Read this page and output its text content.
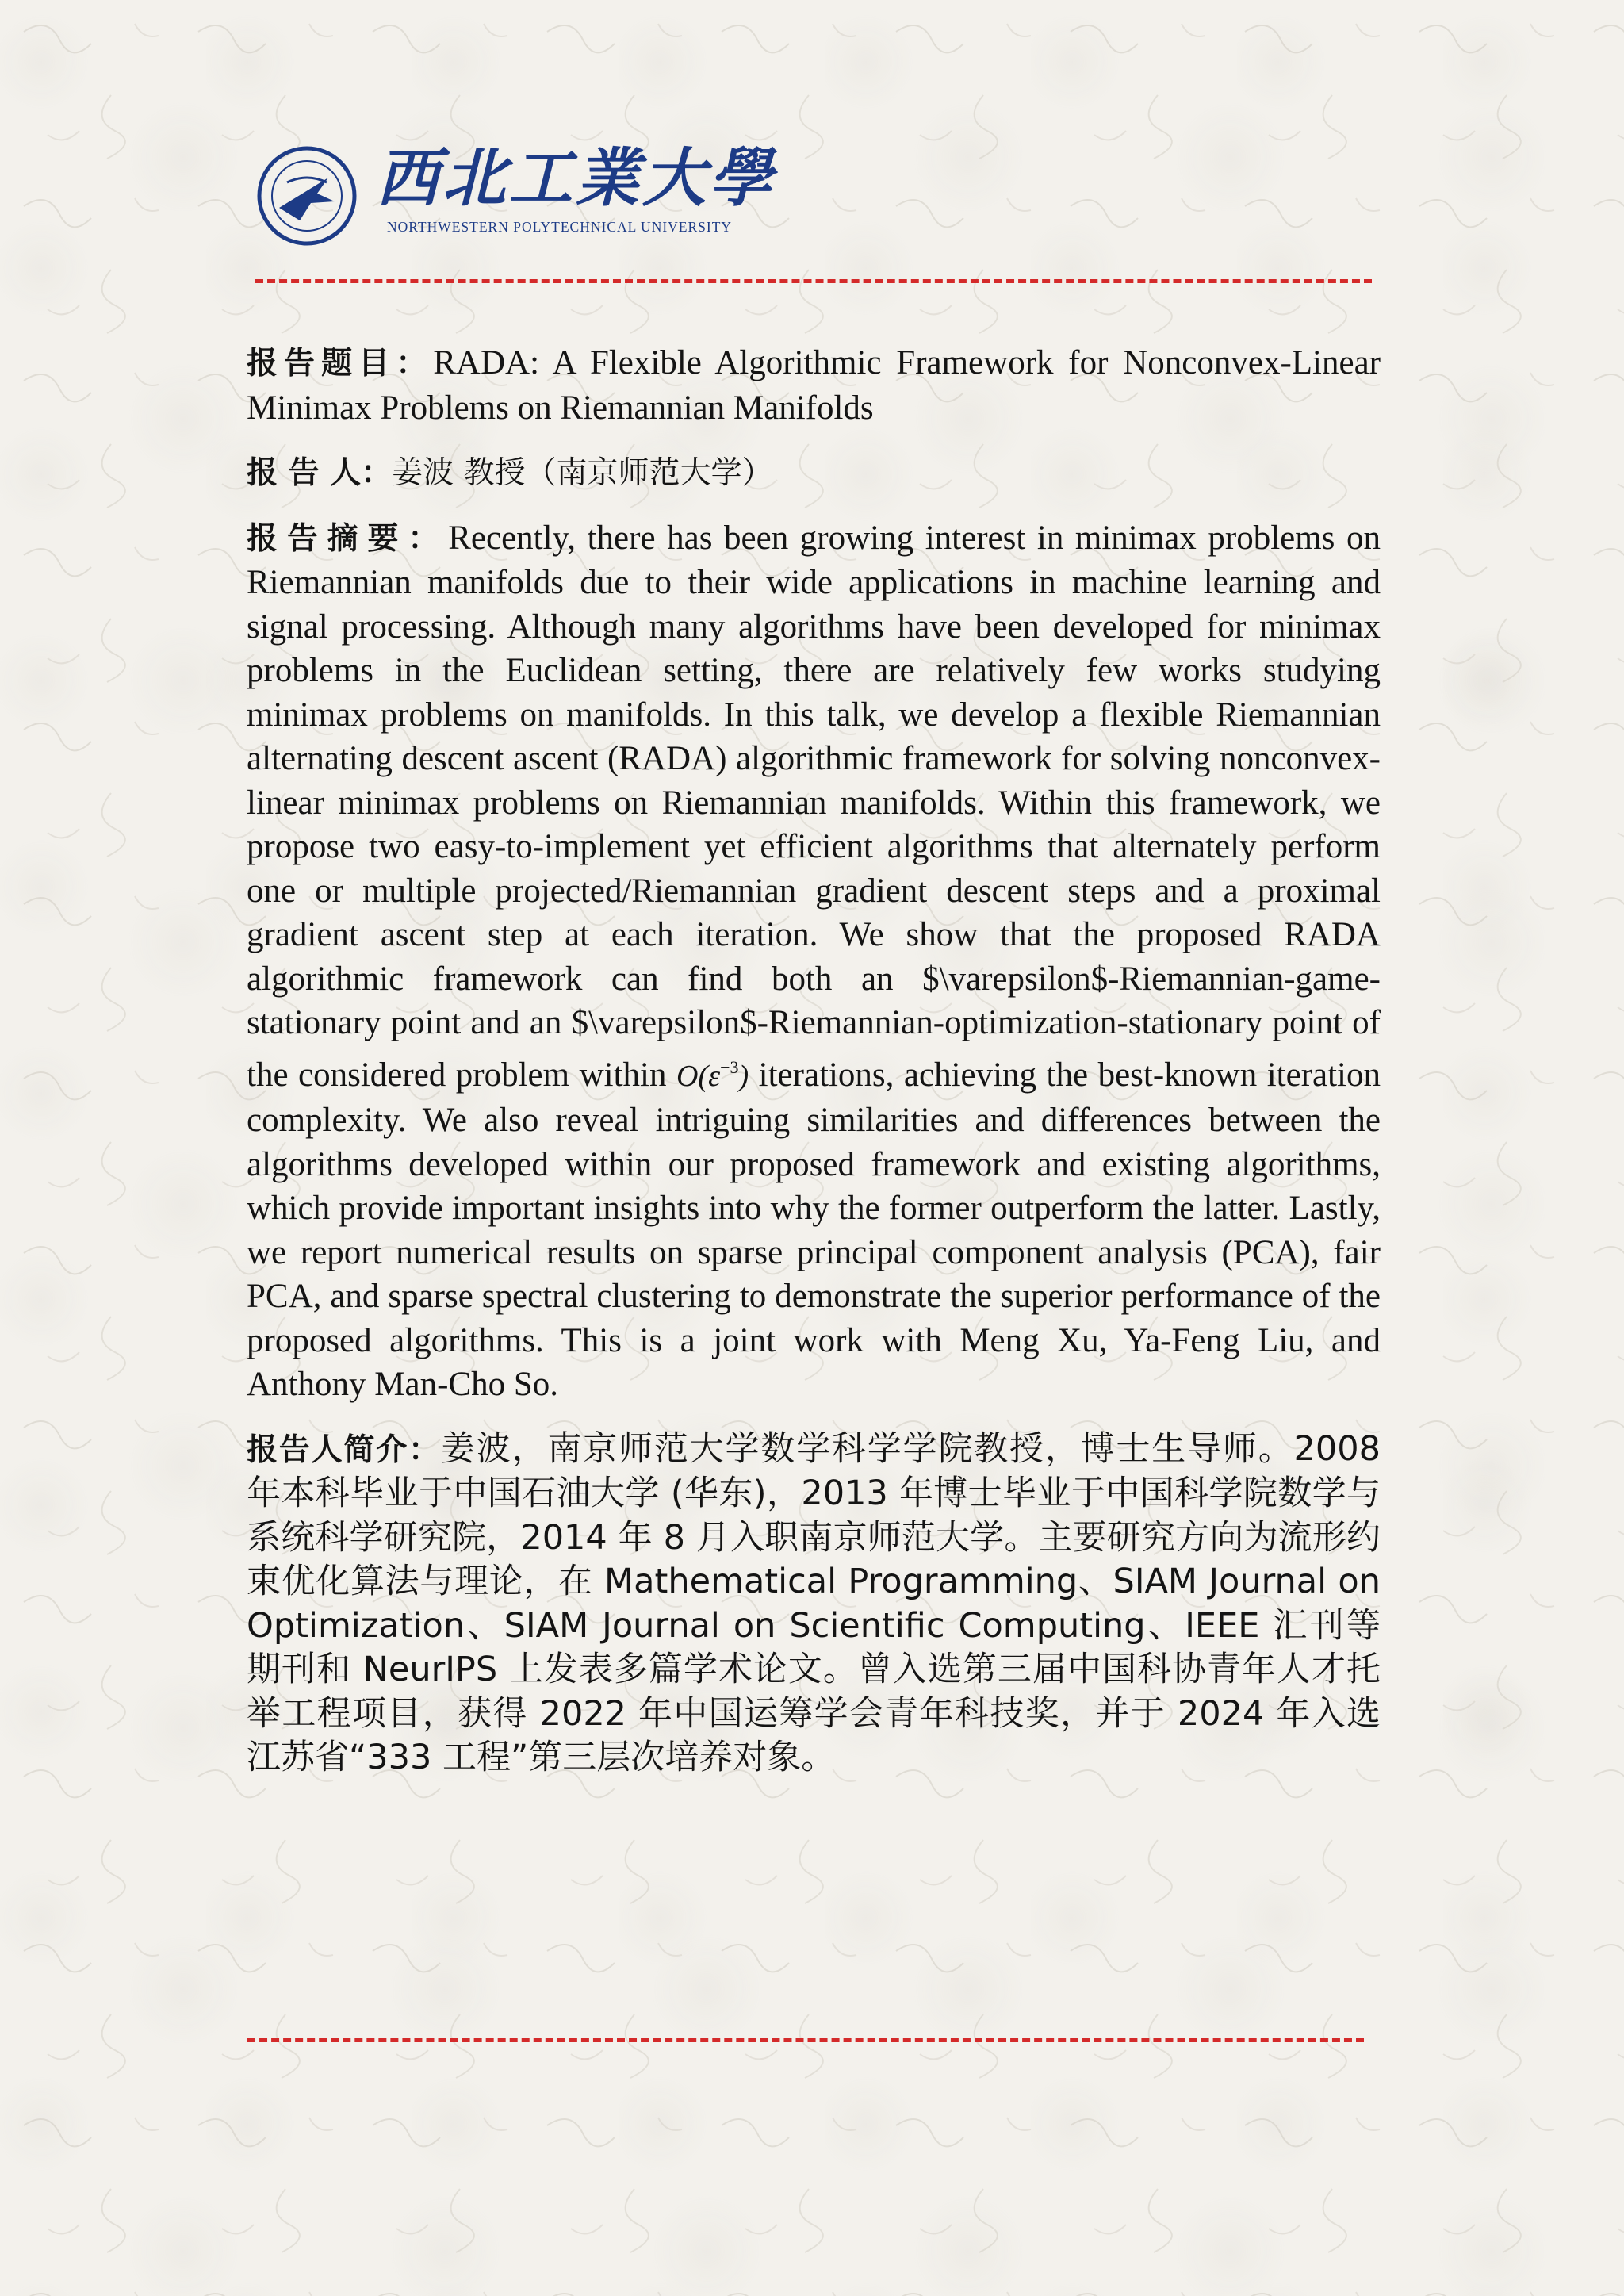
西北工業大學
NORTHWESTERN POLYTECHNICAL UNIVERSITY

报告题目：RADA: A Flexible Algorithmic Framework for Nonconvex-Linear Minimax Problems on Riemannian Manifolds

报 告 人：姜波 教授（南京师范大学）

报告摘要：Recently, there has been growing interest in minimax problems on Riemannian manifolds due to their wide applications in machine learning and signal processing. Although many algorithms have been developed for minimax problems in the Euclidean setting, there are relatively few works studying minimax problems on manifolds. In this talk, we develop a flexible Riemannian alternating descent ascent (RADA) algorithmic framework for solving nonconvex-linear minimax problems on Riemannian manifolds. Within this framework, we propose two easy-to-implement yet efficient algorithms that alternately perform one or multiple projected/Riemannian gradient descent steps and a proximal gradient ascent step at each iteration. We show that the proposed RADA algorithmic framework can find both an $\varepsilon$-Riemannian-game-stationary point and an $\varepsilon$-Riemannian-optimization-stationary point of the considered problem within $O(\varepsilon^{-3})$ iterations, achieving the best-known iteration complexity. We also reveal intriguing similarities and differences between the algorithms developed within our proposed framework and existing algorithms, which provide important insights into why the former outperform the latter. Lastly, we report numerical results on sparse principal component analysis (PCA), fair PCA, and sparse spectral clustering to demonstrate the superior performance of the proposed algorithms. This is a joint work with Meng Xu, Ya-Feng Liu, and Anthony Man-Cho So.

报告人简介：姜波，南京师范大学数学科学学院教授，博士生导师。2008 年本科毕业于中国石油大学 (华东)，2013 年博士毕业于中国科学院数学与系统科学研究院，2014 年 8 月入职南京师范大学。主要研究方向为流形约束优化算法与理论，在 Mathematical Programming、SIAM Journal on Optimization、SIAM Journal on Scientific Computing、IEEE 汇刊等期刊和 NeurIPS 上发表多篇学术论文。曾入选第三届中国科协青年人才托举工程项目，获得 2022 年中国运筹学会青年科技奖，并于 2024 年入选江苏省“333 工程”第三层次培养对象。
